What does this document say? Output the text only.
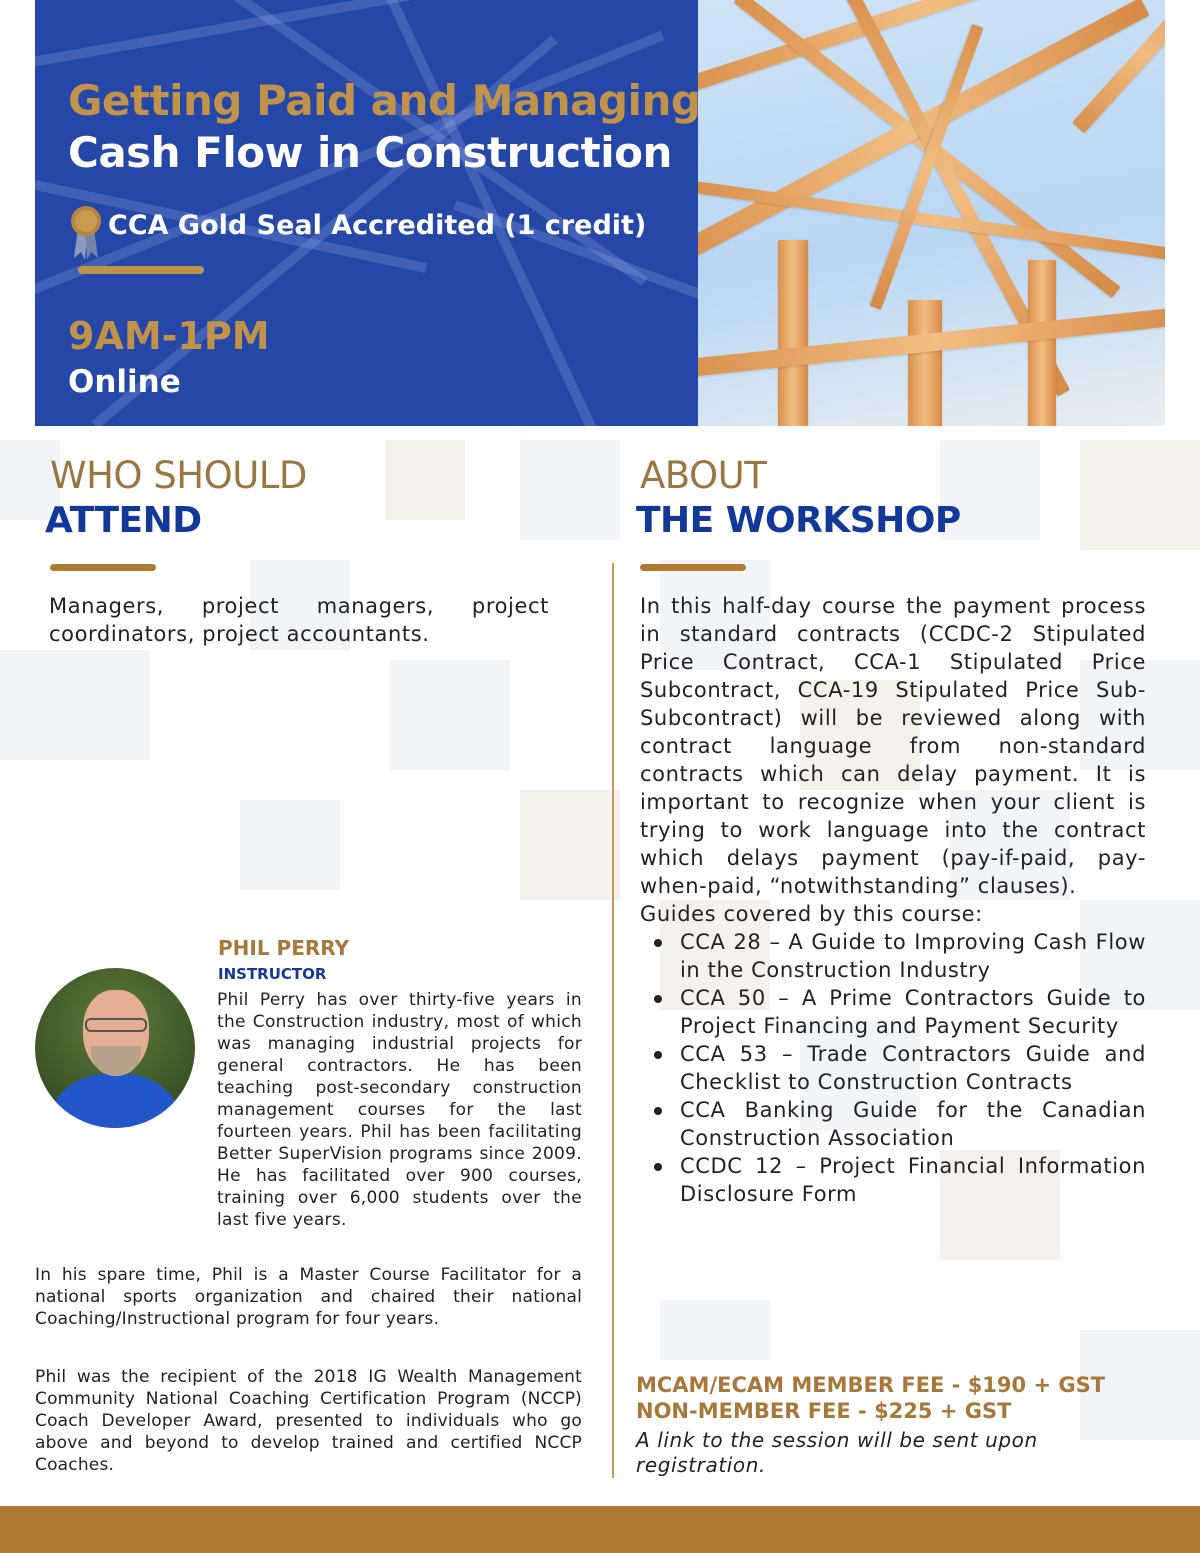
Getting Paid and Managing
Cash Flow in Construction
CCA Gold Seal Accredited (1 credit)
9AM-1PM
Online
WHO SHOULD
ATTEND
Managers, project managers, project coordinators, project accountants.
ABOUT
THE WORKSHOP

In this half-day course the payment process in standard contracts (CCDC-2 Stipulated Price Contract, CCA-1 Stipulated Price Subcontract, CCA-19 Stipulated Price Sub-Subcontract) will be reviewed along with contract language from non-standard contracts which can delay payment. It is important to recognize when your client is trying to work language into the contract which delays payment (pay-if-paid, pay-when-paid, “notwithstanding” clauses).

Guides covered by this course:
CCA 28 – A Guide to Improving Cash Flow in the Construction Industry
CCA 50 – A Prime Contractors Guide to Project Financing and Payment Security
CCA 53 – Trade Contractors Guide and Checklist to Construction Contracts
CCA Banking Guide for the Canadian Construction Association
CCDC 12 – Project Financial Information Disclosure Form
PHIL PERRY
INSTRUCTOR
Phil Perry has over thirty-five years in the Construction industry, most of which was managing industrial projects for general contractors. He has been teaching post-secondary construction management courses for the last fourteen years. Phil has been facilitating Better SuperVision programs since 2009. He has facilitated over 900 courses, training over 6,000 students over the last five years.
In his spare time, Phil is a Master Course Facilitator for a national sports organization and chaired their national Coaching/Instructional program for four years.
Phil was the recipient of the 2018 IG Wealth Management Community National Coaching Certification Program (NCCP) Coach Developer Award, presented to individuals who go above and beyond to develop trained and certified NCCP Coaches.
MCAM/ECAM MEMBER FEE - $190 + GST
NON-MEMBER FEE - $225 + GST
A link to the session will be sent upon registration.
